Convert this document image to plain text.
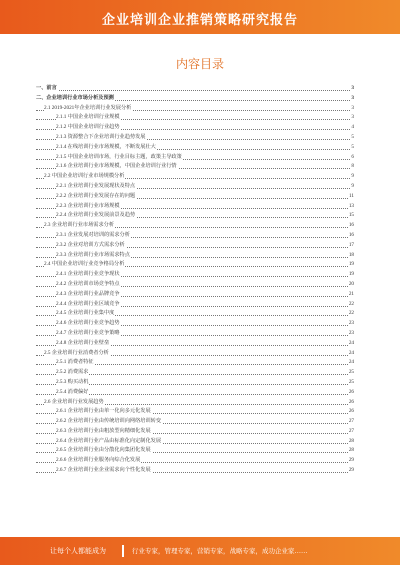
企业培训企业推销策略研究报告
内容目录
一、前言	3
二、企业培训行业市场分析及预测	3
2.1 2019-2021年企业培训行业发展分析	3
2.1.1 中国企业培训行业规模	3
2.1.2 中国企业培训行业趋势	4
2.1.3 资源整合下企业培训行业趋势发展	5
2.1.4 在线培训行业市场规模，不断发展壮大	5
2.1.5 中国企业培训市场，行业目标主题，政策主导政策	6
2.1.6 企业培训行业市场规模，中国企业培训行业行情	8
2.2 中国企业培训行业市场规模分析	9
2.2.1 企业培训行业发展现状及特点	9
2.2.2 企业培训行业发展存在的问题	11
2.2.3 企业培训行业市场规模	13
2.2.4 企业培训行业发展前景及趋势	15
2.3 企业培训行业市场需求分析	16
2.3.1 企业发展对培训的需求分析	16
2.3.2 企业对培训方式需求分析	17
2.3.3 企业培训行业市场需求特点	18
2.4 中国企业培训行业竞争格局分析	19
2.4.1 企业培训行业竞争现状	19
2.4.2 企业培训市场竞争特点	20
2.4.3 企业培训行业品牌竞争	21
2.4.4 企业培训行业区域竞争	22
2.4.5 企业培训行业集中度	22
2.4.6 企业培训行业竞争趋势	23
2.4.7 企业培训行业竞争策略	23
2.4.8 企业培训行业壁垒	24
2.5 企业培训行业消费者分析	24
2.5.1 消费者特征	24
2.5.2 消费需求	25
2.5.3 购买动机	25
2.5.4 消费偏好	26
2.6 企业培训行业发展趋势	26
2.6.1 企业培训行业由单一化向多元化发展	26
2.6.2 企业培训行业由传统培训向网络培训转变	27
2.6.3 企业培训行业由粗放型向精细化发展	27
2.6.4 企业培训行业产品由标准化向定制化发展	28
2.6.5 企业培训行业由分散化向集团化发展	28
2.6.6 企业培训行业服务向综合化发展	29
2.6.7 企业培训行业企业需求向个性化发展	29
让每个人都能成为	行业专家，管理专家，营销专家，战略专家，成功企业家……
